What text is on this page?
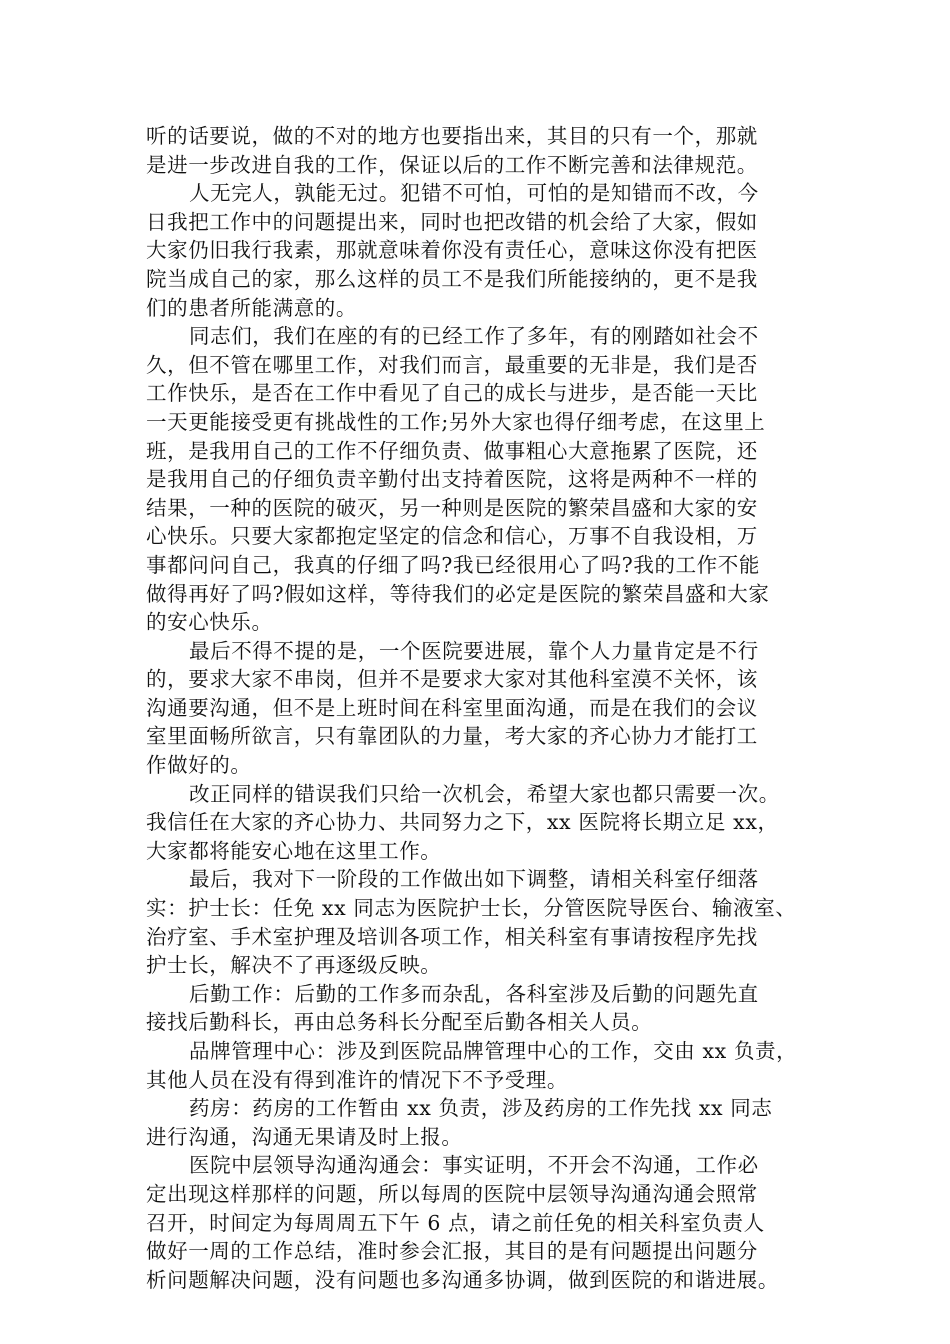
听的话要说，做的不对的地方也要指出来，其目的只有一个，那就
是进一步改进自我的工作，保证以后的工作不断完善和法律规范。
人无完人，孰能无过。犯错不可怕，可怕的是知错而不改，今
日我把工作中的问题提出来，同时也把改错的机会给了大家，假如
大家仍旧我行我素，那就意味着你没有责任心，意味这你没有把医
院当成自己的家，那么这样的员工不是我们所能接纳的，更不是我
们的患者所能满意的。
同志们，我们在座的有的已经工作了多年，有的刚踏如社会不
久，但不管在哪里工作，对我们而言，最重要的无非是，我们是否
工作快乐，是否在工作中看见了自己的成长与进步，是否能一天比
一天更能接受更有挑战性的工作;另外大家也得仔细考虑，在这里上
班，是我用自己的工作不仔细负责、做事粗心大意拖累了医院，还
是我用自己的仔细负责辛勤付出支持着医院，这将是两种不一样的
结果，一种的医院的破灭，另一种则是医院的繁荣昌盛和大家的安
心快乐。只要大家都抱定坚定的信念和信心，万事不自我设相，万
事都问问自己，我真的仔细了吗?我已经很用心了吗?我的工作不能
做得再好了吗?假如这样，等待我们的必定是医院的繁荣昌盛和大家
的安心快乐。
最后不得不提的是，一个医院要进展，靠个人力量肯定是不行
的，要求大家不串岗，但并不是要求大家对其他科室漠不关怀，该
沟通要沟通，但不是上班时间在科室里面沟通，而是在我们的会议
室里面畅所欲言，只有靠团队的力量，考大家的齐心协力才能打工
作做好的。
改正同样的错误我们只给一次机会，希望大家也都只需要一次。
我信任在大家的齐心协力、共同努力之下，xx 医院将长期立足 xx，
大家都将能安心地在这里工作。
最后，我对下一阶段的工作做出如下调整，请相关科室仔细落
实：护士长：任免 xx 同志为医院护士长，分管医院导医台、输液室、
治疗室、手术室护理及培训各项工作，相关科室有事请按程序先找
护士长，解决不了再逐级反映。
后勤工作：后勤的工作多而杂乱，各科室涉及后勤的问题先直
接找后勤科长，再由总务科长分配至后勤各相关人员。
品牌管理中心：涉及到医院品牌管理中心的工作，交由 xx 负责，
其他人员在没有得到准许的情况下不予受理。
药房：药房的工作暂由 xx 负责，涉及药房的工作先找 xx 同志
进行沟通，沟通无果请及时上报。
医院中层领导沟通沟通会：事实证明，不开会不沟通，工作必
定出现这样那样的问题，所以每周的医院中层领导沟通沟通会照常
召开，时间定为每周周五下午 6 点，请之前任免的相关科室负责人
做好一周的工作总结，准时参会汇报，其目的是有问题提出问题分
析问题解决问题，没有问题也多沟通多协调，做到医院的和谐进展。
